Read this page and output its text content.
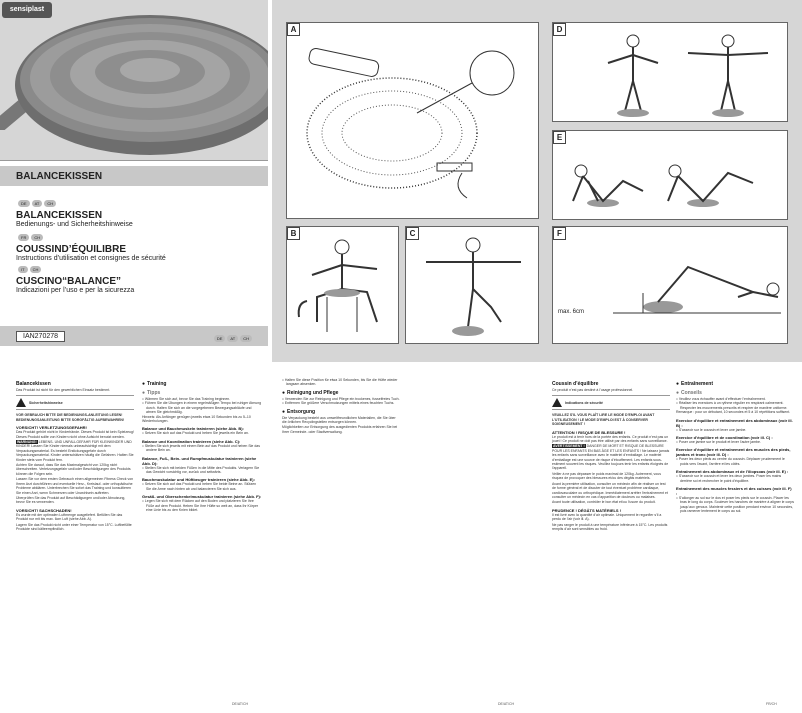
sensiplast
BALANCEKISSEN
DE AT CH
BALANCEKISSEN
Bedienungs- und Sicherheitshinweise
FR CH
COUSSIND’ÉQUILIBRE
Instructions d’utilisation et consignes de sécurité
IT CH
CUSCINO“BALANCE”
Indicazioni per l’uso e per la sicurezza
IAN270278	DE AT CH
A
B	C
D
E
F
max. 6cm
Balancekissen

Das Produkt ist nicht für den gewerblichen Einsatz bestimmt.

Sicherheitshinweise

VOR GEBRAUCH BITTE DIE BEDIENUNGS-ANLEITUNG LESEN! BEDIENUNGSANLEITUNG BITTE SORGFÄLTIG AUFBEWAHREN!

VORSICHT! VERLETZUNGSGEFAHR!

Das Produkt gehört nicht in Kinderhände. Dieses Produkt ist kein Spielzeug! Dieses Produkt sollte von Kindern nicht ohne Aufsicht benutzt werden.

WARNUNG! LEBENS- UND UNFALLGEFAHR FÜR KLEINKINDER UND KINDER! Lassen Sie Kinder niemals unbeaufsichtigt mit dem Verpackungsmaterial. Es besteht Erstickungsgefahr durch Verpackungsmaterial. Kinder unterschätzen häufig die Gefahren. Halten Sie Kinder stets vom Produkt fern.

Achten Sie darauf, dass Sie das Maximalgewicht von 120kg nicht überschreiten. Verletzungsgefahr und/oder Beschädigungen des Produkts können die Folgen sein.

Lassen Sie vor dem ersten Gebrauch einen allgemeinen Fitness Check von Ihrem Arzt durchführen und eventuelle Herz-, Kreislauf- oder orthopädische Probleme abklären. Unterbrechen Sie sofort das Training und konsultieren Sie einen Arzt, wenn Schmerzen oder Unwohlsein auftreten.

Überprüfen Sie das Produkt auf Beschädigungen und/oder Abnutzung, bevor Sie es verwenden.

VORSICHT! SACHSCHADEN!

Es wurde mit der optimalen Luftmenge ausgeliefert. Befüllen Sie das Produkt nur mit bis max. 6cm Luft (siehe Abb. A).

Lagern Sie das Produkt nicht unter einer Temperatur von 15°C. Luftbefüllte Produkte sind kälteempfindlich.

● Training
● Tipps
□ Wärmen Sie sich auf, bevor Sie das Training beginnen.
□ Führen Sie die Übungen in einem regelmäßigen Tempo bei ruhiger Atmung durch. Halten Sie sich an die vorgegebenen Bewegungsabläufe und atmen Sie gleichmäßig.

Hinweis: Als Anfänger genügen jeweils etwa 10 Sekunden bis zu 5–10 Wiederholungen.

Balance und Bauchmuskeln trainieren (siehe Abb. B):
□ Setzen Sie sich auf das Produkt und heben Sie jeweils ein Bein an.
Balance und Koordination trainieren (siehe Abb. C):
□ Stellen Sie sich jeweils mit einem Bein auf das Produkt und heben Sie das andere Bein an.
Balance, Fuß-, Bein- und Rumpfmuskulatur trainieren (siehe Abb. D):
□ Stellen Sie sich mit beiden Füßen in die Mitte des Produkts. Verlagern Sie das Gewicht vorsichtig vor, zurück und seitwärts.
Bauchmuskulatur und Hüftbeuger trainieren (siehe Abb. E):
□ Setzen Sie sich auf das Produkt und heben Sie beide Beine an. Stützen Sie die Arme nach hinten ab und balancieren Sie sich aus.
Gesäß- und Oberschenkelmuskulatur trainieren (siehe Abb. F):
□ Legen Sie sich mit dem Rücken auf den Boden und platzieren Sie Ihre Füße auf dem Produkt. Heben Sie Ihre Hüfte so weit an, dass Ihr Körper eine Linie bis zu den Knien bildet.
□ Halten Sie diese Position für etwa 10 Sekunden, bis Sie die Hüfte wieder langsam absenken.
● Reinigung und Pflege
□ Verwenden Sie zur Reinigung und Pflege ein trockenes, fusselfreies Tuch.
□ Entfernen Sie größere Verschmutzungen mittels eines feuchten Tuchs.
● Entsorgung

Die Verpackung besteht aus umweltfreundlichen Materialien, die Sie über die örtlichen Recyclingstellen entsorgen können.

Möglichkeiten zur Entsorgung des ausgedienten Produkts erfahren Sie bei Ihrer Gemeinde- oder Stadtverwaltung.

Coussin d’équilibre

Ce produit n’est pas destiné à l’usage professionnel.

Indications de sécurité

VEUILLEZ S’IL VOUS PLAÎT LIRE LE MODE D’EMPLOI AVANT L’UTILISATION ! LE MODE D’EMPLOI EST À CONSERVER SOIGNEUSEMENT !

ATTENTION ! RISQUE DE BLESSURE !

Le produit est à tenir hors de la portée des enfants. Ce produit n’est pas un jouet ! Ce produit ne doit pas être utilisé par des enfants sans surveillance.

AVERTISSEMENT ! DANGER DE MORT ET RISQUE DE BLESSURE POUR LES ENFANTS EN BAS ÂGE ET LES ENFANTS ! Ne laissez jamais les enfants sans surveillance avec le matériel d’emballage. Le matériel d’emballage est une source de risque d’étouffement. Les enfants sous-estiment souvent les risques. Veuillez toujours tenir les enfants éloignés de l’appareil.

Veiller à ne pas dépasser le poids maximal de 120kg. Autrement, vous risquez de provoquer des blessures et/ou des dégâts matériels.

Avant la première utilisation, consulter un médecin afin de réaliser un test de forme général et de discuter de tout éventuel problème cardiaque, cardiovasculaire ou orthopédique. Immédiatement arrêter l’entraînement et consulter un médecin en cas d’apparition de douleurs ou malaises.

Avant toute utilisation, contrôler le bon état et/ou l’usure du produit.

PRUDENCE ! DÉGÂTS MATÉRIELS !

Il est livré avec la quantité d’air optimale. Uniquement le regonfler s’il a perdu de l’air (voir ill. A).

Ne pas ranger le produit à une température inférieure à 15°C. Les produits remplis d’air sont sensibles au froid.

● Entraînement
● Conseils
□ Veuillez vous échauffer avant d’effectuer l’entraînement.
□ Réaliser les exercices à un rythme régulier en respirant calmement. Respecter les mouvements prescrits et respirer de manière uniforme.

Remarque : pour un débutant, 10 secondes et 5 à 10 répétitions suffisent.

Exercice d’équilibre et entraînement des abdominaux (voir ill. B) :
□ S’asseoir sur le coussin et lever une jambe.
Exercice d’équilibre et de coordination (voir ill. C) :
□ Poser une jambe sur le produit et lever l’autre jambe.
Exercice d’équilibre et entraînement des muscles des pieds, jambes et tronc (voir ill. D) :
□ Poser les deux pieds au centre du coussin. Déplacer prudemment le poids vers l’avant, l’arrière et les côtés.
Entraînement des abdominaux et de l’iliopsoas (voir ill. E) :
□ S’asseoir sur le coussin et lever les deux jambes. Poser les mains derrière soi et rechercher le point d’équilibre.
Entraînement des muscles fessiers et des cuisses (voir ill. F) :
□ S’allonger au sol sur le dos et poser les pieds sur le coussin. Placer les bras le long du corps. Soulever les hanches de manière à aligner le corps jusqu’aux genoux. Maintenir cette position pendant environ 10 secondes, puis ramener lentement le corps au sol.
DE/AT/CH	DE/AT/CH	FR/CH
